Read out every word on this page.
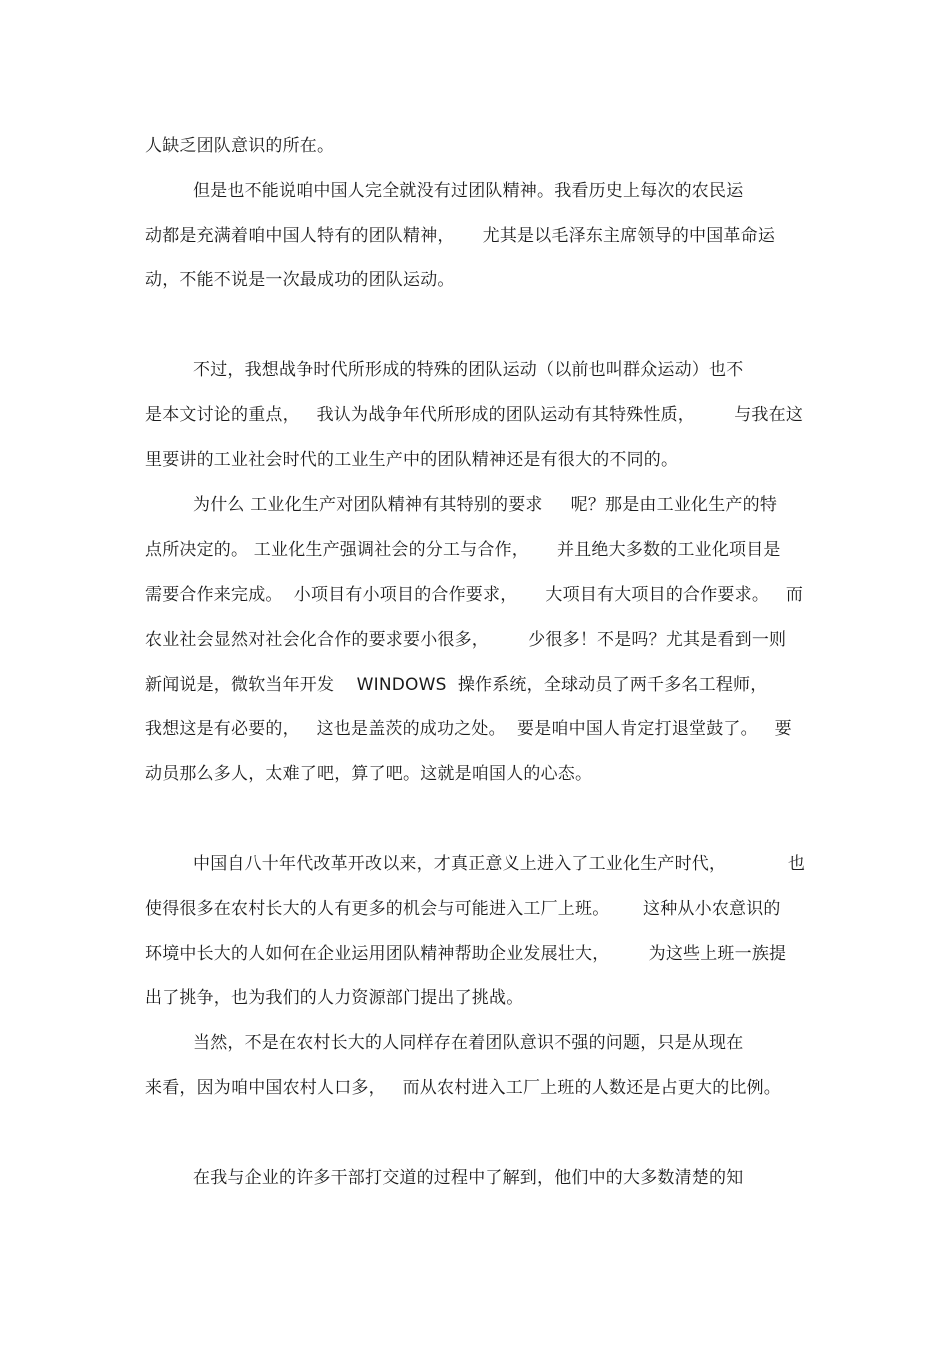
人缺乏团队意识的所在。
但是也不能说咱中国人完全就没有过团队精神。我看历史上每次的农民运
动都是充满着咱中国人特有的团队精神，     尤其是以毛泽东主席领导的中国革命运
动，不能不说是一次最成功的团队运动。
不过，我想战争时代所形成的特殊的团队运动（以前也叫群众运动）也不
是本文讨论的重点，   我认为战争年代所形成的团队运动有其特殊性质，       与我在这
里要讲的工业社会时代的工业生产中的团队精神还是有很大的不同的。
为什么 工业化生产对团队精神有其特别的要求     呢？那是由工业化生产的特
点所决定的。 工业化生产强调社会的分工与合作，     并且绝大多数的工业化项目是
需要合作来完成。  小项目有小项目的合作要求，     大项目有大项目的合作要求。   而
农业社会显然对社会化合作的要求要小很多，       少很多！不是吗？尤其是看到一则
新闻说是，微软当年开发    WINDOWS  操作系统，全球动员了两千多名工程师，
我想这是有必要的，   这也是盖茨的成功之处。  要是咱中国人肯定打退堂鼓了。   要
动员那么多人，太难了吧，算了吧。这就是咱国人的心态。
中国自八十年代改革开改以来，才真正意义上进入了工业化生产时代，           也
使得很多在农村长大的人有更多的机会与可能进入工厂上班。      这种从小农意识的
环境中长大的人如何在企业运用团队精神帮助企业发展壮大，       为这些上班一族提
出了挑争，也为我们的人力资源部门提出了挑战。
当然，不是在农村长大的人同样存在着团队意识不强的问题，只是从现在
来看，因为咱中国农村人口多，   而从农村进入工厂上班的人数还是占更大的比例。
在我与企业的许多干部打交道的过程中了解到，他们中的大多数清楚的知
